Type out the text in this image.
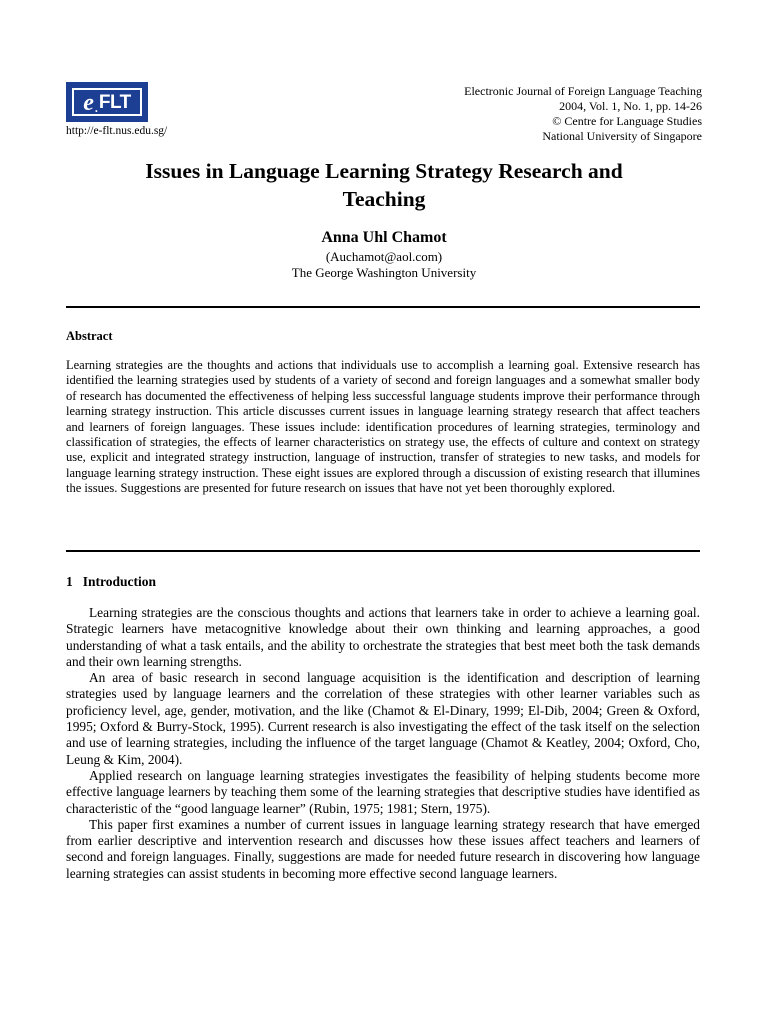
e . FLT
http://e-flt.nus.edu.sg/
Electronic Journal of Foreign Language Teaching
2004, Vol. 1, No. 1, pp. 14-26
© Centre for Language Studies
National University of Singapore
Issues in Language Learning Strategy Research and
Teaching
Anna Uhl Chamot
(Auchamot@aol.com)
The George Washington University
Abstract
Learning strategies are the thoughts and actions that individuals use to accomplish a learning goal. Extensive research has identified the learning strategies used by students of a variety of second and foreign languages and a somewhat smaller body of research has documented the effectiveness of helping less successful language students improve their performance through learning strategy instruction. This article discusses current issues in language learning strategy research that affect teachers and learners of foreign languages. These issues include: identification procedures of learning strategies, terminology and classification of strategies, the effects of learner characteristics on strategy use, the effects of culture and context on strategy use, explicit and integrated strategy instruction, language of instruction, transfer of strategies to new tasks, and models for language learning strategy instruction. These eight issues are explored through a discussion of existing research that illumines the issues. Suggestions are presented for future research on issues that have not yet been thoroughly explored.
1 Introduction

Learning strategies are the conscious thoughts and actions that learners take in order to achieve a learning goal. Strategic learners have metacognitive knowledge about their own thinking and learning approaches, a good understanding of what a task entails, and the ability to orchestrate the strategies that best meet both the task demands and their own learning strengths.

An area of basic research in second language acquisition is the identification and description of learning strategies used by language learners and the correlation of these strategies with other learner variables such as proficiency level, age, gender, motivation, and the like (Chamot & El-Dinary, 1999; El-Dib, 2004; Green & Oxford, 1995; Oxford & Burry-Stock, 1995). Current research is also investigating the effect of the task itself on the selection and use of learning strategies, including the influence of the target language (Chamot & Keatley, 2004; Oxford, Cho, Leung & Kim, 2004).

Applied research on language learning strategies investigates the feasibility of helping students become more effective language learners by teaching them some of the learning strategies that descriptive studies have identified as characteristic of the “good language learner” (Rubin, 1975; 1981; Stern, 1975).

This paper first examines a number of current issues in language learning strategy research that have emerged from earlier descriptive and intervention research and discusses how these issues affect teachers and learners of second and foreign languages. Finally, suggestions are made for needed future research in discovering how language learning strategies can assist students in becoming more effective second language learners.
